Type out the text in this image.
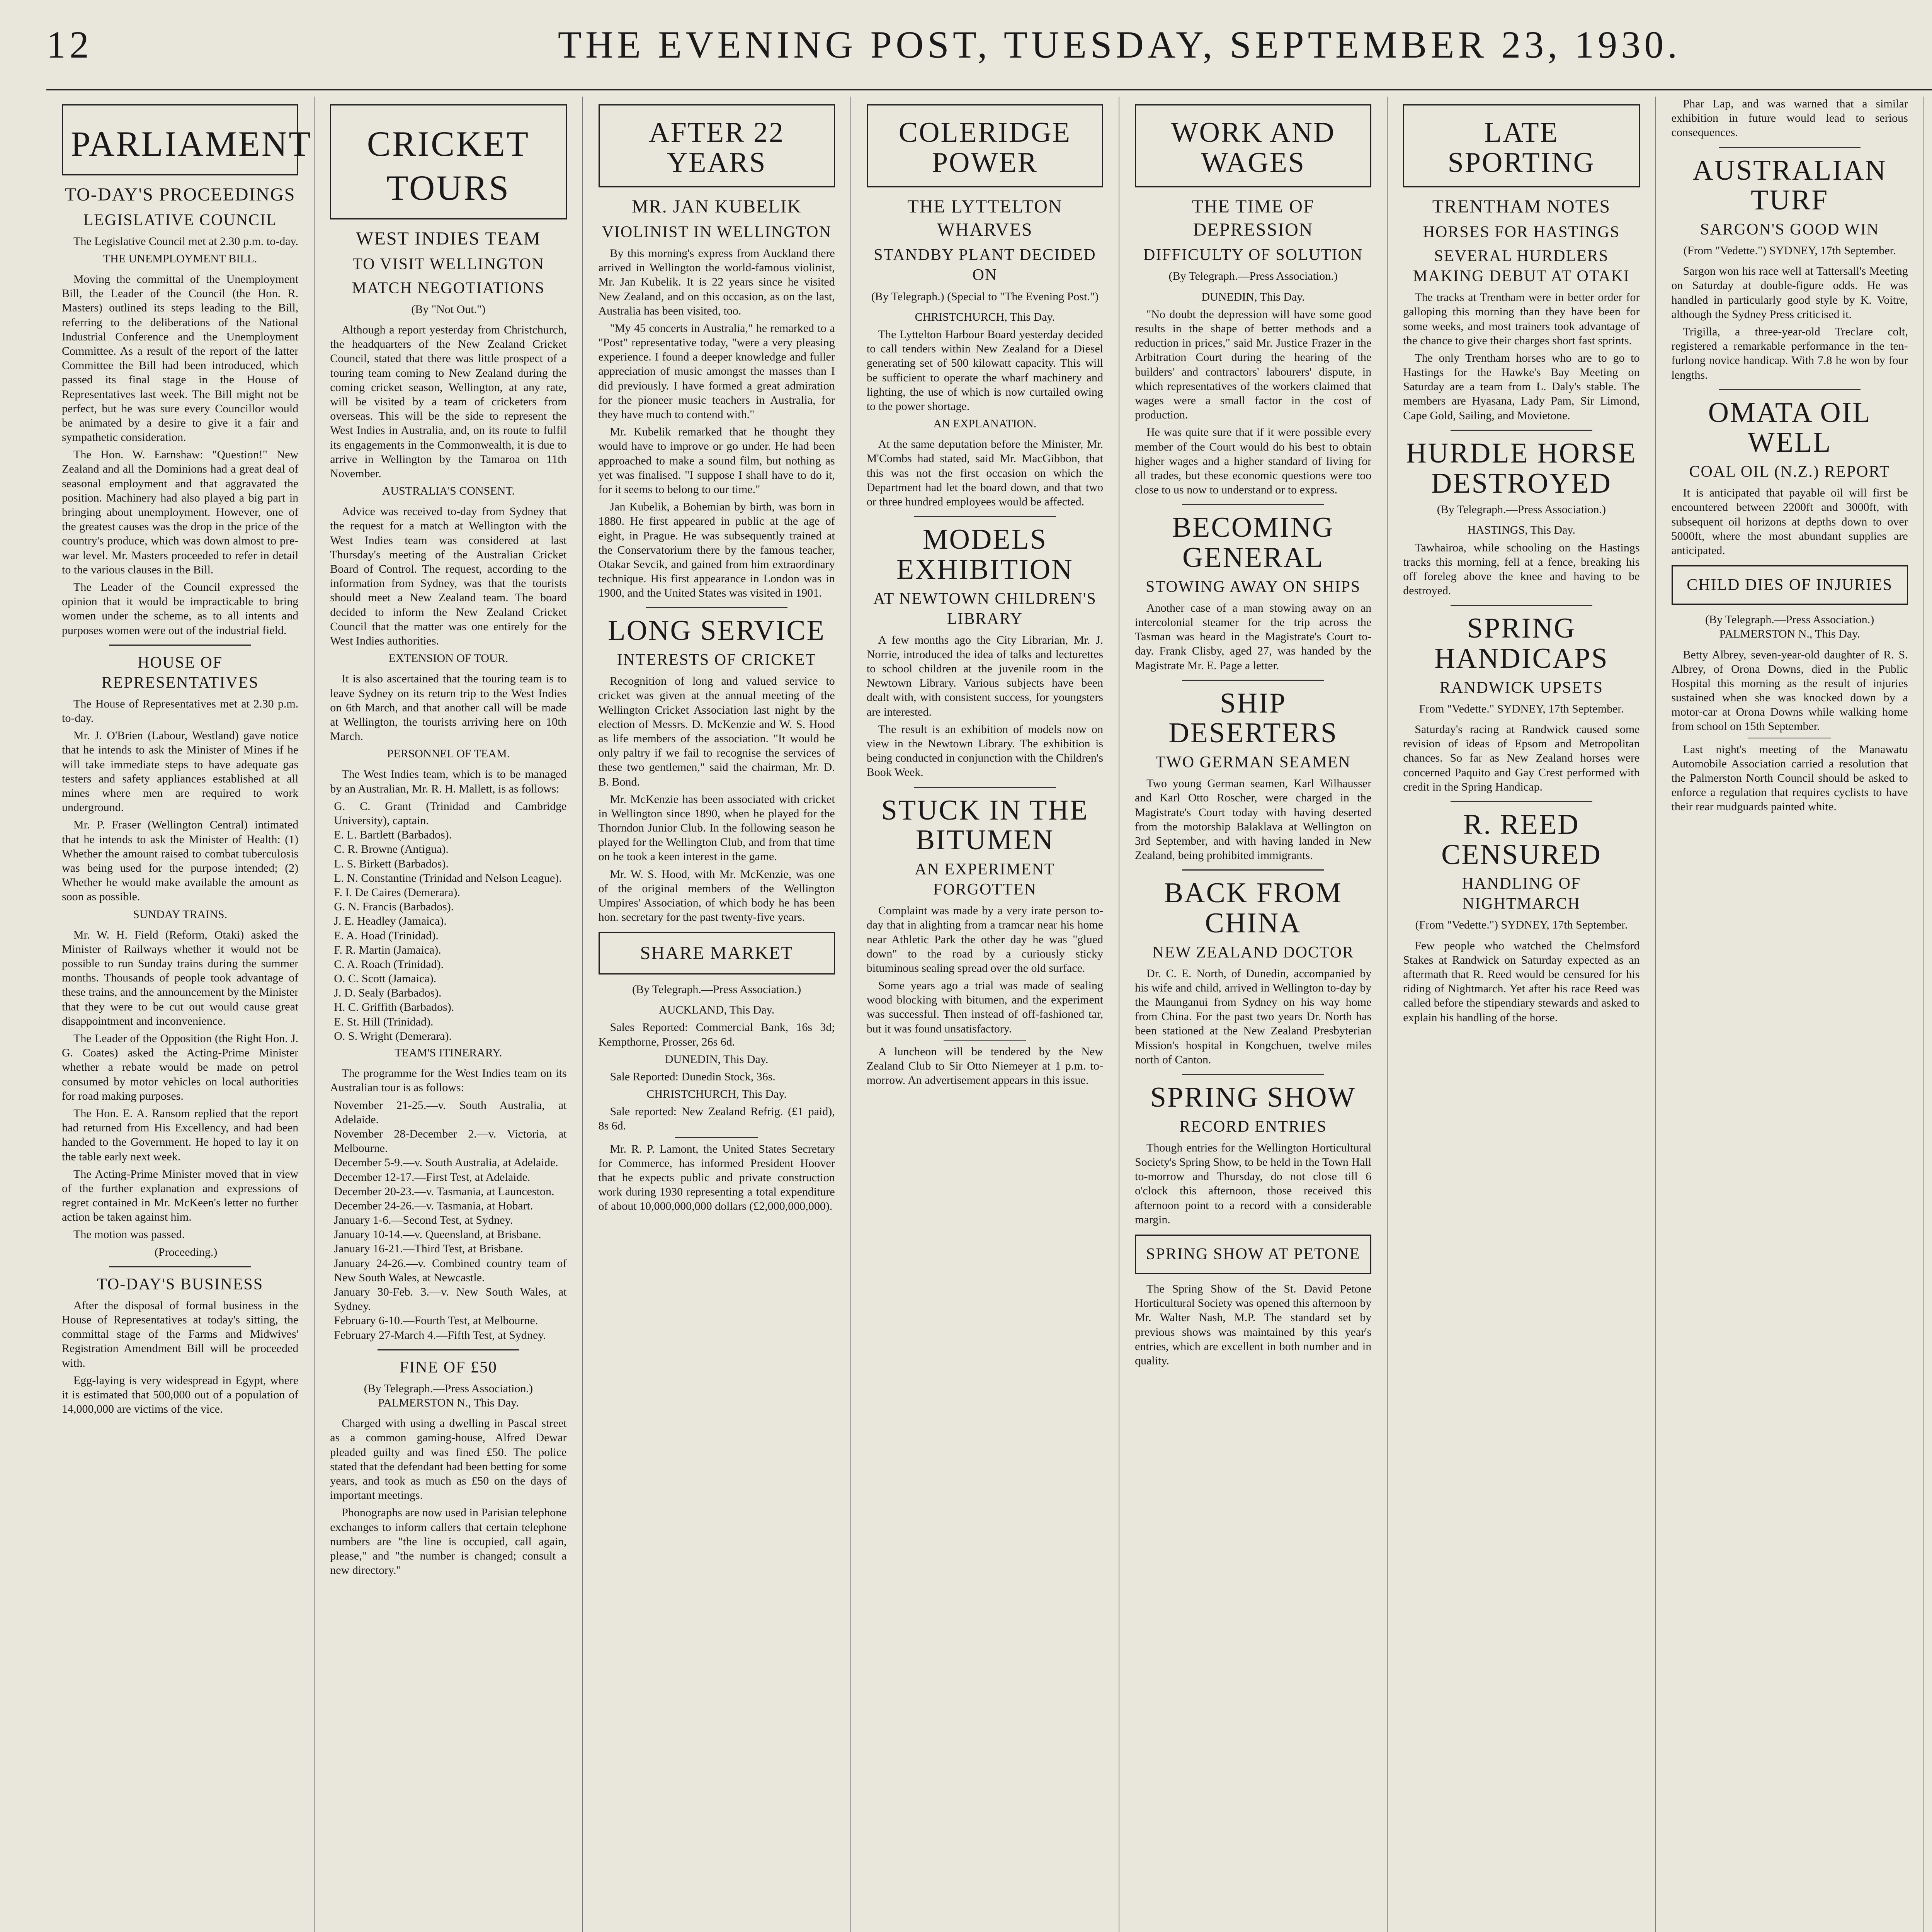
12	THE EVENING POST, TUESDAY, SEPTEMBER 23, 1930.
PARLIAMENT
TO-DAY'S PROCEEDINGS
LEGISLATIVE COUNCIL

The Legislative Council met at 2.30 p.m. to-day.

THE UNEMPLOYMENT BILL.

Moving the committal of the Unemployment Bill, the Leader of the Council (the Hon. R. Masters) outlined its steps leading to the Bill, referring to the deliberations of the National Industrial Conference and the Unemployment Committee. As a result of the report of the latter Committee the Bill had been introduced, which passed its final stage in the House of Representatives last week. The Bill might not be perfect, but he was sure every Councillor would be animated by a desire to give it a fair and sympathetic consideration.

The Hon. W. Earnshaw: "Question!" New Zealand and all the Dominions had a great deal of seasonal employment and that aggravated the position. Machinery had also played a big part in bringing about unemployment. However, one of the greatest causes was the drop in the price of the country's produce, which was down almost to pre-war level. Mr. Masters proceeded to refer in detail to the various clauses in the Bill.

The Leader of the Council expressed the opinion that it would be impracticable to bring women under the scheme, as to all intents and purposes women were out of the industrial field.

HOUSE OF REPRESENTATIVES

The House of Representatives met at 2.30 p.m. to-day.

Mr. J. O'Brien (Labour, Westland) gave notice that he intends to ask the Minister of Mines if he will take immediate steps to have adequate gas testers and safety appliances established at all mines where men are required to work underground.

Mr. P. Fraser (Wellington Central) intimated that he intends to ask the Minister of Health: (1) Whether the amount raised to combat tuberculosis was being used for the purpose intended; (2) Whether he would make available the amount as soon as possible.

SUNDAY TRAINS.

Mr. W. H. Field (Reform, Otaki) asked the Minister of Railways whether it would not be possible to run Sunday trains during the summer months. Thousands of people took advantage of these trains, and the announcement by the Minister that they were to be cut out would cause great disappointment and inconvenience.

The Leader of the Opposition (the Right Hon. J. G. Coates) asked the Acting-Prime Minister whether a rebate would be made on petrol consumed by motor vehicles on local authorities for road making purposes.

The Hon. E. A. Ransom replied that the report had returned from His Excellency, and had been handed to the Government. He hoped to lay it on the table early next week.

The Acting-Prime Minister moved that in view of the further explanation and expressions of regret contained in Mr. McKeen's letter no further action be taken against him.

The motion was passed.

(Proceeding.)

TO-DAY'S BUSINESS

After the disposal of formal business in the House of Representatives at today's sitting, the committal stage of the Farms and Midwives' Registration Amendment Bill will be proceeded with.

Egg-laying is very widespread in Egypt, where it is estimated that 500,000 out of a population of 14,000,000 are victims of the vice.

CRICKET TOURS
WEST INDIES TEAM
TO VISIT WELLINGTON
MATCH NEGOTIATIONS
(By "Not Out.")

Although a report yesterday from Christchurch, the headquarters of the New Zealand Cricket Council, stated that there was little prospect of a touring team coming to New Zealand during the coming cricket season, Wellington, at any rate, will be visited by a team of cricketers from overseas. This will be the side to represent the West Indies in Australia, and, on its route to fulfil its engagements in the Commonwealth, it is due to arrive in Wellington by the Tamaroa on 11th November.

AUSTRALIA'S CONSENT.

Advice was received to-day from Sydney that the request for a match at Wellington with the West Indies team was considered at last Thursday's meeting of the Australian Cricket Board of Control. The request, according to the information from Sydney, was that the tourists should meet a New Zealand team. The board decided to inform the New Zealand Cricket Council that the matter was one entirely for the West Indies authorities.

EXTENSION OF TOUR.

It is also ascertained that the touring team is to leave Sydney on its return trip to the West Indies on 6th March, and that another call will be made at Wellington, the tourists arriving here on 10th March.

PERSONNEL OF TEAM.

The West Indies team, which is to be managed by an Australian, Mr. R. H. Mallett, is as follows:

G. C. Grant (Trinidad and Cambridge University), captain.
E. L. Bartlett (Barbados).
C. R. Browne (Antigua).
L. S. Birkett (Barbados).
L. N. Constantine (Trinidad and Nelson League).
F. I. De Caires (Demerara).
G. N. Francis (Barbados).
J. E. Headley (Jamaica).
E. A. Hoad (Trinidad).
F. R. Martin (Jamaica).
C. A. Roach (Trinidad).
O. C. Scott (Jamaica).
J. D. Sealy (Barbados).
H. C. Griffith (Barbados).
E. St. Hill (Trinidad).
O. S. Wright (Demerara).
TEAM'S ITINERARY.

The programme for the West Indies team on its Australian tour is as follows:

November 21-25.—v. South Australia, at Adelaide.
November 28-December 2.—v. Victoria, at Melbourne.
December 5-9.—v. South Australia, at Adelaide.
December 12-17.—First Test, at Adelaide.
December 20-23.—v. Tasmania, at Launceston.
December 24-26.—v. Tasmania, at Hobart.
January 1-6.—Second Test, at Sydney.
January 10-14.—v. Queensland, at Brisbane.
January 16-21.—Third Test, at Brisbane.
January 24-26.—v. Combined country team of New South Wales, at Newcastle.
January 30-Feb. 3.—v. New South Wales, at Sydney.
February 6-10.—Fourth Test, at Melbourne.
February 27-March 4.—Fifth Test, at Sydney.
FINE OF £50
(By Telegraph.—Press Association.) PALMERSTON N., This Day.

Charged with using a dwelling in Pascal street as a common gaming-house, Alfred Dewar pleaded guilty and was fined £50. The police stated that the defendant had been betting for some years, and took as much as £50 on the days of important meetings.

Phonographs are now used in Parisian telephone exchanges to inform callers that certain telephone numbers are "the line is occupied, call again, please," and "the number is changed; consult a new directory."

AFTER 22 YEARS
MR. JAN KUBELIK
VIOLINIST IN WELLINGTON

By this morning's express from Auckland there arrived in Wellington the world-famous violinist, Mr. Jan Kubelik. It is 22 years since he visited New Zealand, and on this occasion, as on the last, Australia has been visited, too.

"My 45 concerts in Australia," he remarked to a "Post" representative today, "were a very pleasing experience. I found a deeper knowledge and fuller appreciation of music amongst the masses than I did previously. I have formed a great admiration for the pioneer music teachers in Australia, for they have much to contend with."

Mr. Kubelik remarked that he thought they would have to improve or go under. He had been approached to make a sound film, but nothing as yet was finalised. "I suppose I shall have to do it, for it seems to belong to our time."

Jan Kubelik, a Bohemian by birth, was born in 1880. He first appeared in public at the age of eight, in Prague. He was subsequently trained at the Conservatorium there by the famous teacher, Otakar Sevcik, and gained from him extraordinary technique. His first appearance in London was in 1900, and the United States was visited in 1901.

LONG SERVICE
INTERESTS OF CRICKET

Recognition of long and valued service to cricket was given at the annual meeting of the Wellington Cricket Association last night by the election of Messrs. D. McKenzie and W. S. Hood as life members of the association. "It would be only paltry if we fail to recognise the services of these two gentlemen," said the chairman, Mr. D. B. Bond.

Mr. McKenzie has been associated with cricket in Wellington since 1890, when he played for the Thorndon Junior Club. In the following season he played for the Wellington Club, and from that time on he took a keen interest in the game.

Mr. W. S. Hood, with Mr. McKenzie, was one of the original members of the Wellington Umpires' Association, of which body he has been hon. secretary for the past twenty-five years.

SHARE MARKET
(By Telegraph.—Press Association.)
AUCKLAND, This Day.

Sales Reported: Commercial Bank, 16s 3d; Kempthorne, Prosser, 26s 6d.

DUNEDIN, This Day.

Sale Reported: Dunedin Stock, 36s.

CHRISTCHURCH, This Day.

Sale reported: New Zealand Refrig. (£1 paid), 8s 6d.

Mr. R. P. Lamont, the United States Secretary for Commerce, has informed President Hoover that he expects public and private construction work during 1930 representing a total expenditure of about 10,000,000,000 dollars (£2,000,000,000).

COLERIDGE POWER
THE LYTTELTON WHARVES
STANDBY PLANT DECIDED ON
(By Telegraph.) (Special to "The Evening Post.")
CHRISTCHURCH, This Day.

The Lyttelton Harbour Board yesterday decided to call tenders within New Zealand for a Diesel generating set of 500 kilowatt capacity. This will be sufficient to operate the wharf machinery and lighting, the use of which is now curtailed owing to the power shortage.

AN EXPLANATION.

At the same deputation before the Minister, Mr. M'Combs had stated, said Mr. MacGibbon, that this was not the first occasion on which the Department had let the board down, and that two or three hundred employees would be affected.

MODELS EXHIBITION
AT NEWTOWN CHILDREN'S LIBRARY

A few months ago the City Librarian, Mr. J. Norrie, introduced the idea of talks and lecturettes to school children at the juvenile room in the Newtown Library. Various subjects have been dealt with, with consistent success, for youngsters are interested.

The result is an exhibition of models now on view in the Newtown Library. The exhibition is being conducted in conjunction with the Children's Book Week.

STUCK IN THE BITUMEN
AN EXPERIMENT FORGOTTEN

Complaint was made by a very irate person to-day that in alighting from a tramcar near his home near Athletic Park the other day he was "glued down" to the road by a curiously sticky bituminous sealing spread over the old surface.

Some years ago a trial was made of sealing wood blocking with bitumen, and the experiment was successful. Then instead of off-fashioned tar, but it was found unsatisfactory.

A luncheon will be tendered by the New Zealand Club to Sir Otto Niemeyer at 1 p.m. to-morrow. An advertisement appears in this issue.

WORK AND WAGES
THE TIME OF DEPRESSION
DIFFICULTY OF SOLUTION
(By Telegraph.—Press Association.)
DUNEDIN, This Day.

"No doubt the depression will have some good results in the shape of better methods and a reduction in prices," said Mr. Justice Frazer in the Arbitration Court during the hearing of the builders' and contractors' labourers' dispute, in which representatives of the workers claimed that wages were a small factor in the cost of production.

He was quite sure that if it were possible every member of the Court would do his best to obtain higher wages and a higher standard of living for all trades, but these economic questions were too close to us now to understand or to express.

BECOMING GENERAL
STOWING AWAY ON SHIPS

Another case of a man stowing away on an intercolonial steamer for the trip across the Tasman was heard in the Magistrate's Court to-day. Frank Clisby, aged 27, was handed by the Magistrate Mr. E. Page a letter.

SHIP DESERTERS
TWO GERMAN SEAMEN

Two young German seamen, Karl Wilhausser and Karl Otto Roscher, were charged in the Magistrate's Court today with having deserted from the motorship Balaklava at Wellington on 3rd September, and with having landed in New Zealand, being prohibited immigrants.

BACK FROM CHINA
NEW ZEALAND DOCTOR

Dr. C. E. North, of Dunedin, accompanied by his wife and child, arrived in Wellington to-day by the Maunganui from Sydney on his way home from China. For the past two years Dr. North has been stationed at the New Zealand Presbyterian Mission's hospital in Kongchuen, twelve miles north of Canton.

SPRING SHOW
RECORD ENTRIES

Though entries for the Wellington Horticultural Society's Spring Show, to be held in the Town Hall to-morrow and Thursday, do not close till 6 o'clock this afternoon, those received this afternoon point to a record with a considerable margin.

SPRING SHOW AT PETONE

The Spring Show of the St. David Petone Horticultural Society was opened this afternoon by Mr. Walter Nash, M.P. The standard set by previous shows was maintained by this year's entries, which are excellent in both number and in quality.

LATE SPORTING
TRENTHAM NOTES
HORSES FOR HASTINGS
SEVERAL HURDLERS MAKING DEBUT AT OTAKI

The tracks at Trentham were in better order for galloping this morning than they have been for some weeks, and most trainers took advantage of the chance to give their charges short fast sprints.

The only Trentham horses who are to go to Hastings for the Hawke's Bay Meeting on Saturday are a team from L. Daly's stable. The members are Hyasana, Lady Pam, Sir Limond, Cape Gold, Sailing, and Movietone.

HURDLE HORSE DESTROYED
(By Telegraph.—Press Association.)
HASTINGS, This Day.

Tawhairoa, while schooling on the Hastings tracks this morning, fell at a fence, breaking his off foreleg above the knee and having to be destroyed.

SPRING HANDICAPS
RANDWICK UPSETS
From "Vedette." SYDNEY, 17th September.

Saturday's racing at Randwick caused some revision of ideas of Epsom and Metropolitan chances. So far as New Zealand horses were concerned Paquito and Gay Crest performed with credit in the Spring Handicap.

R. REED CENSURED
HANDLING OF NIGHTMARCH
(From "Vedette.") SYDNEY, 17th September.

Few people who watched the Chelmsford Stakes at Randwick on Saturday expected as an aftermath that R. Reed would be censured for his riding of Nightmarch. Yet after his race Reed was called before the stipendiary stewards and asked to explain his handling of the horse.

Phar Lap, and was warned that a similar exhibition in future would lead to serious consequences.

AUSTRALIAN TURF
SARGON'S GOOD WIN
(From "Vedette.") SYDNEY, 17th September.

Sargon won his race well at Tattersall's Meeting on Saturday at double-figure odds. He was handled in particularly good style by K. Voitre, although the Sydney Press criticised it.

Trigilla, a three-year-old Treclare colt, registered a remarkable performance in the ten-furlong novice handicap. With 7.8 he won by four lengths.

OMATA OIL WELL
COAL OIL (N.Z.) REPORT

It is anticipated that payable oil will first be encountered between 2200ft and 3000ft, with subsequent oil horizons at depths down to over 5000ft, where the most abundant supplies are anticipated.

CHILD DIES OF INJURIES
(By Telegraph.—Press Association.) PALMERSTON N., This Day.

Betty Albrey, seven-year-old daughter of R. S. Albrey, of Orona Downs, died in the Public Hospital this morning as the result of injuries sustained when she was knocked down by a motor-car at Orona Downs while walking home from school on 15th September.

Last night's meeting of the Manawatu Automobile Association carried a resolution that the Palmerston North Council should be asked to enforce a regulation that requires cyclists to have their rear mudguards painted white.
